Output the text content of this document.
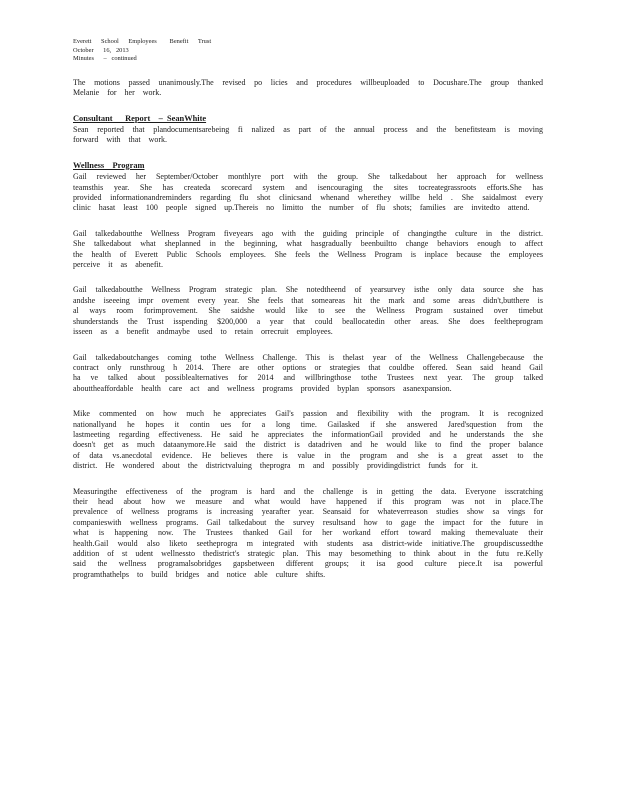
Everett      School      Employees        Benefit      Trust
October      16,   2013
Minutes      –   continued

The motions passed unanimously.The revised po licies and procedures willbeuploaded to Docushare.The group thanked Melanie for her work.

Consultant      Report    –  SeanWhite

Sean reported that plandocumentsarebeing fi nalized as part of the annual process and the benefitsteam is moving forward with that work.

Wellness    Program

Gail reviewed her September/October monthlyre port with the group. She talkedabout her approach for wellness teamsthis year. She has createda scorecard system and isencouraging the sites tocreategrassroots efforts.She has provided informationandreminders regarding flu shot clinicsand whenand wherethey willbe held . She saidalmost every clinic hasat least 100 people signed up.Thereis no limitto the number of flu shots; families are invitedto attend.

Gail talkedaboutthe Wellness Program fiveyears ago with the guiding principle of changingthe culture in the district. She talkedabout what sheplanned in the beginning, what hasgradually beenbuiltto change behaviors enough to affect the health of Everett Public Schools employees. She feels the Wellness Program is inplace because the employees perceive it as abenefit.

Gail talkedaboutthe Wellness Program strategic plan. She notedtheend of yearsurvey isthe only data source she has andshe iseeeing impr ovement every year. She feels that someareas hit the mark and some areas didn't,butthere is al ways room forimprovement. She saidshe would like to see the Wellness Program sustained over timebut shunderstands the Trust isspending $200,000 a year that could beallocatedin other areas. She does feeltheprogram isseen as a benefit andmaybe used to retain orrecruit employees.

Gail talkedaboutchanges coming tothe Wellness Challenge. This is thelast year of the Wellness Challengebecause the contract only runsthroug h 2014. There are other options or strategies that couldbe offered. Sean said heand Gail ha ve talked about possiblealternatives for 2014 and willbringthose tothe Trustees next year. The group talked abouttheaffordable health care act and wellness programs provided byplan sponsors asanexpansion.

Mike commented on how much he appreciates Gail's passion and flexibility with the program. It is recognized nationallyand he hopes it contin ues for a long time. Gailasked if she answered Jared'squestion from the lastmeeting regarding effectiveness. He said he appreciates the informationGail provided and he understands the she doesn't get as much dataanymore.He said the district is datadriven and he would like to find the proper balance of data vs.anecdotal evidence. He believes there is value in the program and she is a great asset to the district. He wondered about the districtvaluing theprogra m and possibly providingdistrict funds for it.

Measuringthe effectiveness of the program is hard and the challenge is in getting the data. Everyone isscratching their head about how we measure and what would have happened if this program was not in place.The prevalence of wellness programs is increasing yearafter year. Seansaid for whateverreason studies show sa vings for companieswith wellness programs. Gail talkedabout the survey resultsand how to gage the impact for the future in what is happening now. The Trustees thanked Gail for her workand effort toward making themevaluate their health.Gail would also liketo seetheprogra m integrated with students asa district-wide initiative.The groupdiscussedthe addition of st udent wellnessto thedistrict's strategic plan. This may besomething to think about in the futu re.Kelly said the wellness programalsobridges gapsbetween different groups; it isa good culture piece.It isa powerful programthathelps to build bridges and notice able culture shifts.
